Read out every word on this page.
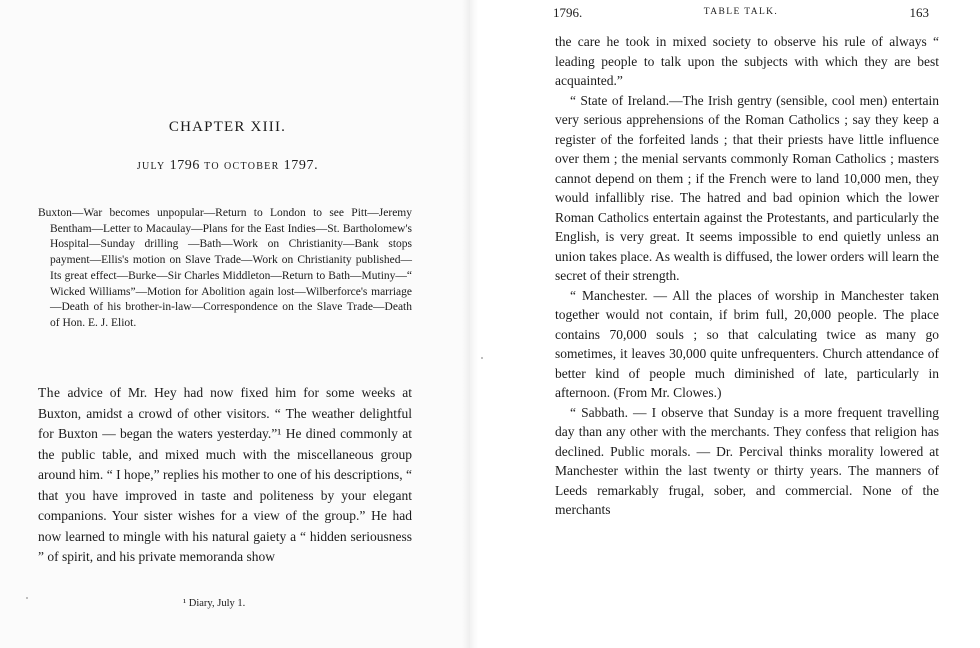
CHAPTER XIII.
JULY 1796 TO OCTOBER 1797.
Buxton—War becomes unpopular—Return to London to see Pitt—Jeremy Bentham—Letter to Macaulay—Plans for the East Indies—St. Bartholomew's Hospital—Sunday drilling —Bath—Work on Christianity—Bank stops payment—Ellis's motion on Slave Trade—Work on Christianity published—Its great effect—Burke—Sir Charles Middleton—Return to Bath—Mutiny—“ Wicked Williams”—Motion for Abolition again lost—Wilberforce's marriage—Death of his brother-in-law—Correspondence on the Slave Trade—Death of Hon. E. J. Eliot.
The advice of Mr. Hey had now fixed him for some weeks at Buxton, amidst a crowd of other visitors. “ The weather delightful for Buxton — began the waters yesterday.”¹ He dined commonly at the public table, and mixed much with the miscellaneous group around him. “ I hope,” replies his mother to one of his descriptions, “ that you have improved in taste and politeness by your elegant companions. Your sister wishes for a view of the group.” He had now learned to mingle with his natural gaiety a “ hidden seriousness ” of spirit, and his private memoranda show
¹ Diary, July 1.
1796.	TABLE TALK.	163

the care he took in mixed society to observe his rule of always “ leading people to talk upon the subjects with which they are best acquainted.”

“ State of Ireland.—The Irish gentry (sensible, cool men) entertain very serious apprehensions of the Roman Catholics ; say they keep a register of the forfeited lands ; that their priests have little influence over them ; the menial servants commonly Roman Catholics ; masters cannot depend on them ; if the French were to land 10,000 men, they would infallibly rise. The hatred and bad opinion which the lower Roman Catholics entertain against the Protestants, and particularly the English, is very great. It seems impossible to end quietly unless an union takes place. As wealth is diffused, the lower orders will learn the secret of their strength.

“ Manchester. — All the places of worship in Manchester taken together would not contain, if brim full, 20,000 people. The place contains 70,000 souls ; so that calculating twice as many go sometimes, it leaves 30,000 quite unfrequenters. Church attendance of better kind of people much diminished of late, particularly in afternoon. (From Mr. Clowes.)

“ Sabbath. — I observe that Sunday is a more frequent travelling day than any other with the merchants. They confess that religion has declined. Public morals. — Dr. Percival thinks morality lowered at Manchester within the last twenty or thirty years. The manners of Leeds remarkably frugal, sober, and commercial. None of the merchants
